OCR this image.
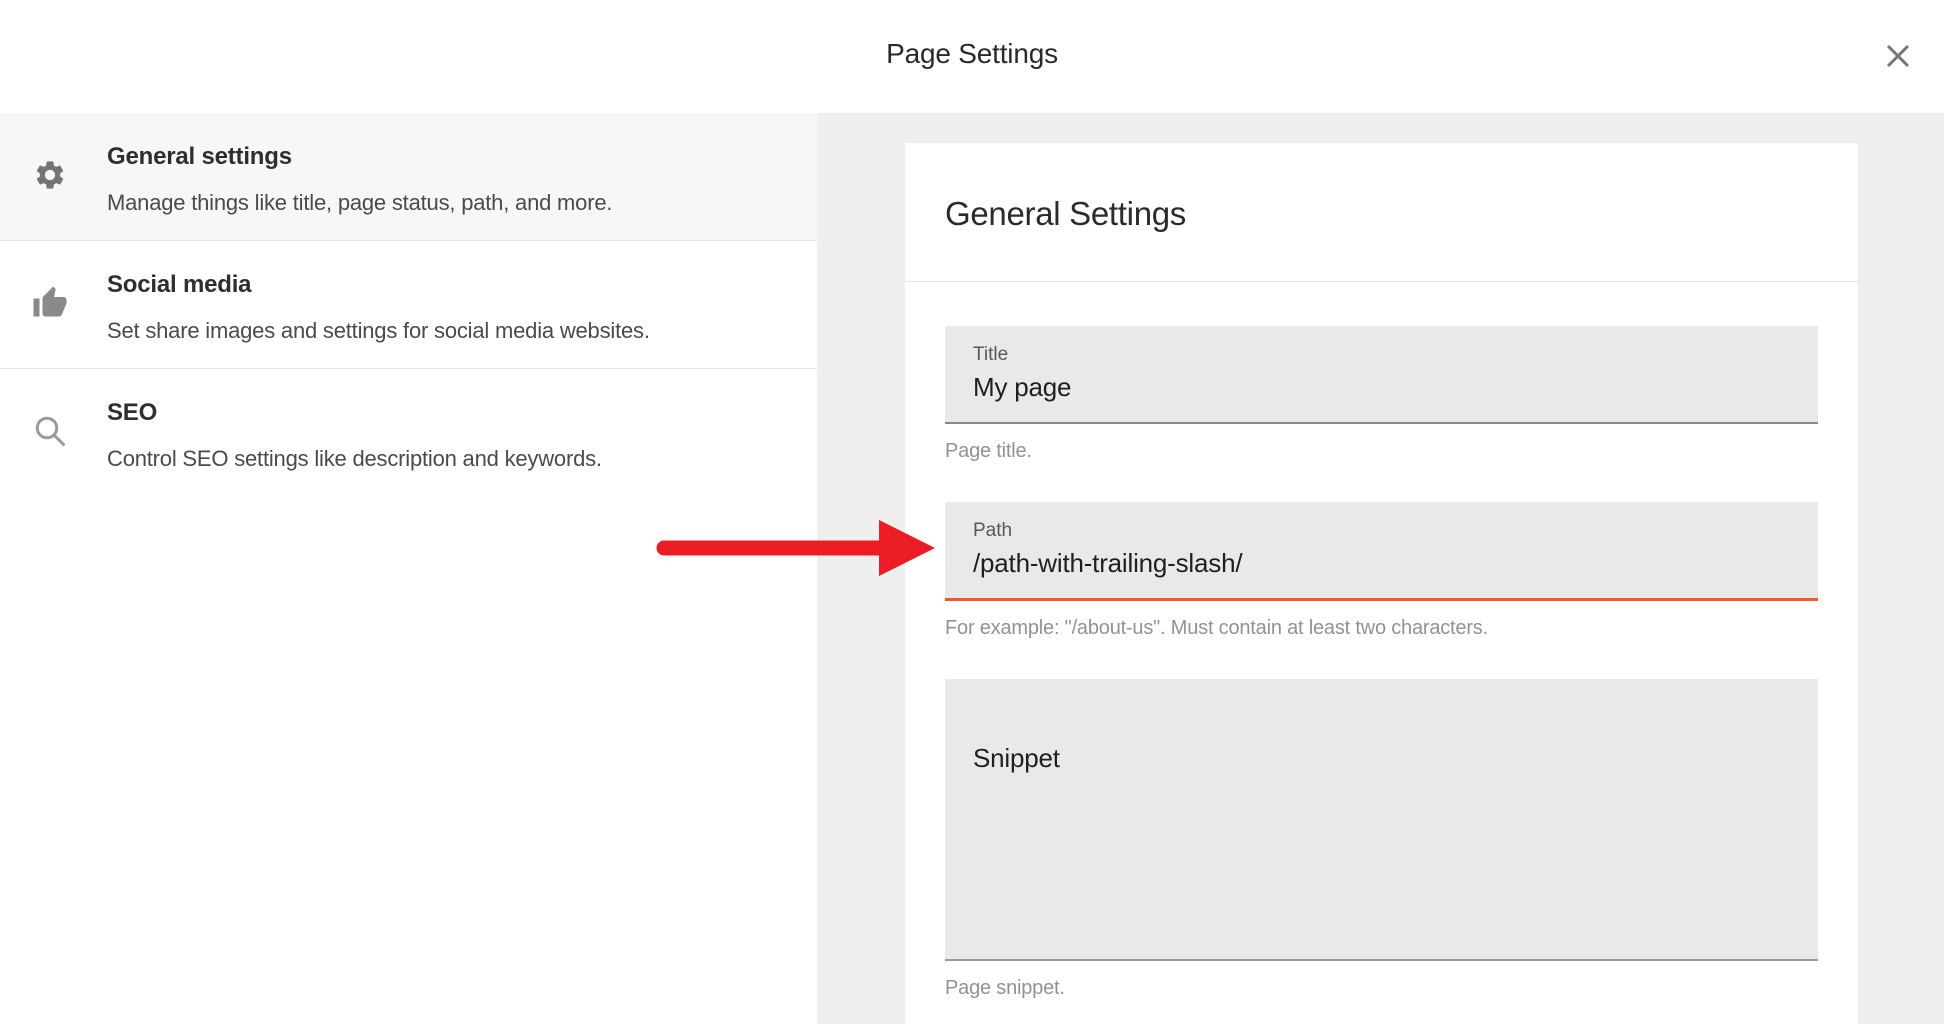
Page Settings
General settings
Manage things like title, page status, path, and more.
Social media
Set share images and settings for social media websites.
SEO
Control SEO settings like description and keywords.
General Settings
Title
My page
Page title.
Path
/path-with-trailing-slash/
For example: "/about-us". Must contain at least two characters.
Snippet
Page snippet.
